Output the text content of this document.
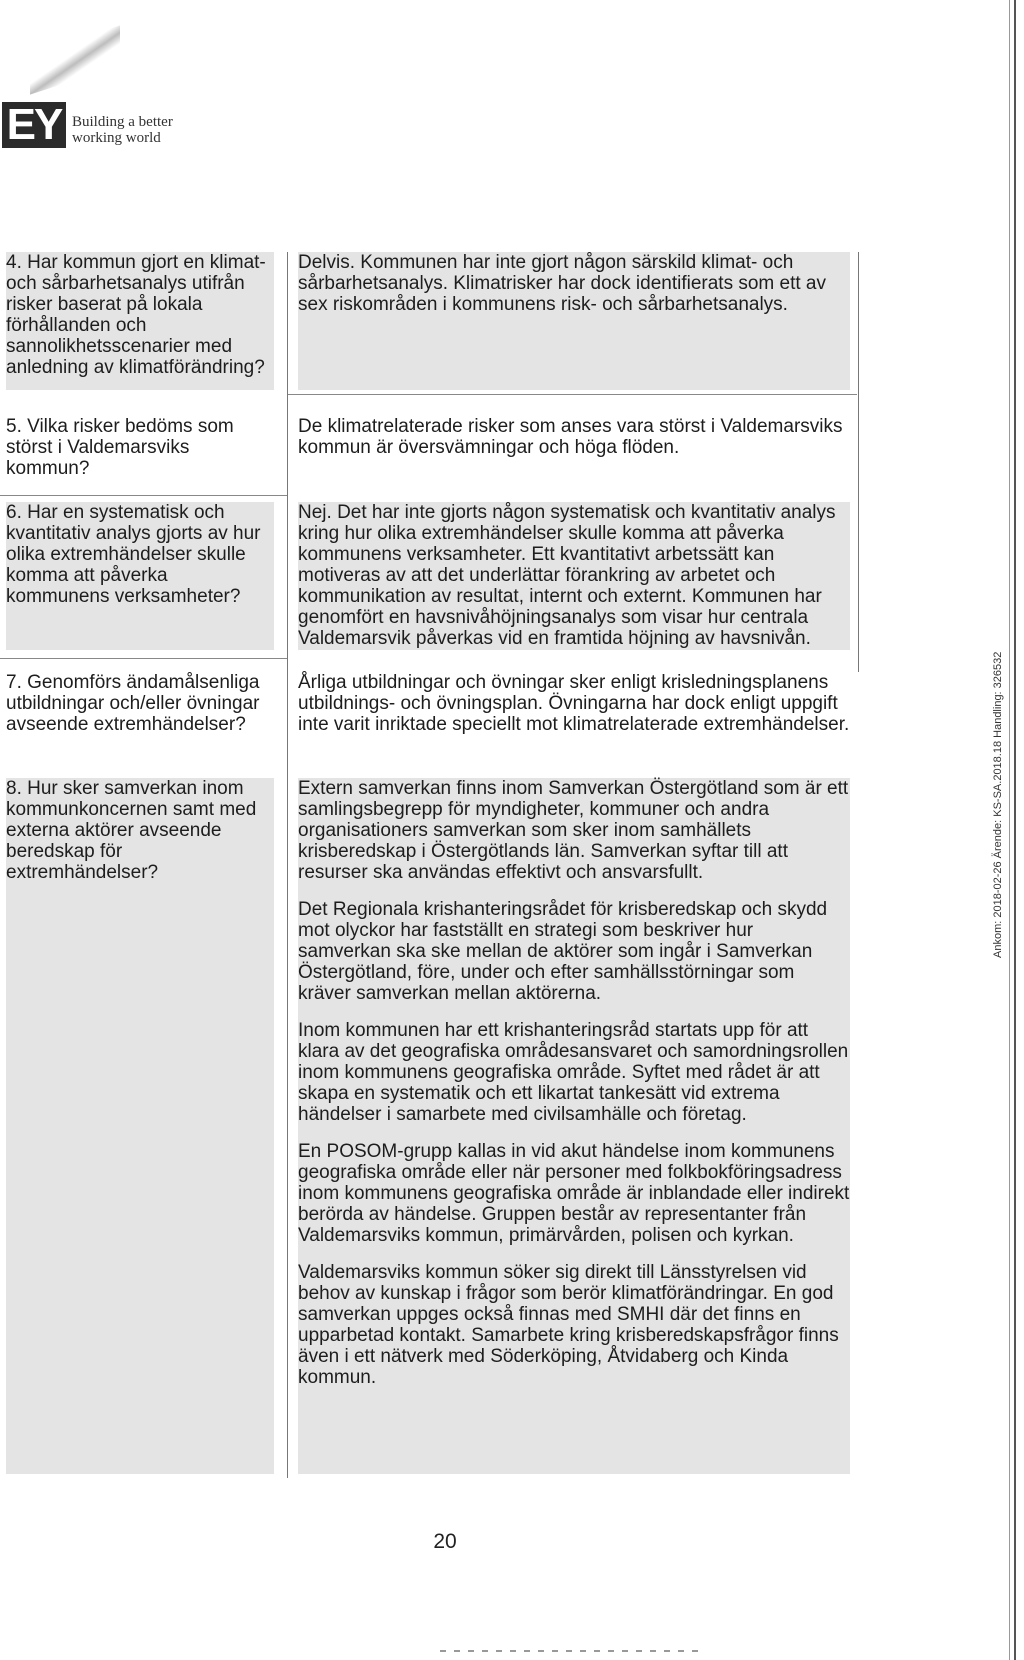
EY Building a better
working world
4. Har kommun gjort en klimat- och sårbarhetsanalys utifrån risker baserat på lokala förhållanden och sannolikhetsscenarier med anledning av klimatförändring?

Delvis. Kommunen har inte gjort någon särskild klimat- och sårbarhetsanalys. Klimatrisker har dock identifierats som ett av sex riskområden i kommunens risk- och sårbarhetsanalys.

5. Vilka risker bedöms som störst i Valdemarsviks kommun?

De klimatrelaterade risker som anses vara störst i Valdemarsviks kommun är översvämningar och höga flöden.

6. Har en systematisk och kvantitativ analys gjorts av hur olika extremhändelser skulle komma att påverka kommunens verksamheter?

Nej. Det har inte gjorts någon systematisk och kvantitativ analys kring hur olika extremhändelser skulle komma att påverka kommunens verksamheter. Ett kvantitativt arbetssätt kan motiveras av att det underlättar förankring av arbetet och kommunikation av resultat, internt och externt. Kommunen har genomfört en havsnivåhöjningsanalys som visar hur centrala Valdemarsvik påverkas vid en framtida höjning av havsnivån.

7. Genomförs ändamålsenliga utbildningar och/eller övningar avseende extremhändelser?

Årliga utbildningar och övningar sker enligt krisledningsplanens utbildnings- och övningsplan. Övningarna har dock enligt uppgift inte varit inriktade speciellt mot klimatrelaterade extremhändelser.

8. Hur sker samverkan inom kommunkoncernen samt med externa aktörer avseende beredskap för extremhändelser?

Extern samverkan finns inom Samverkan Östergötland som är ett samlingsbegrepp för myndigheter, kommuner och andra organisationers samverkan som sker inom samhällets krisberedskap i Östergötlands län. Samverkan syftar till att resurser ska användas effektivt och ansvarsfullt.

Det Regionala krishanteringsrådet för krisberedskap och skydd mot olyckor har fastställt en strategi som beskriver hur samverkan ska ske mellan de aktörer som ingår i Samverkan Östergötland, före, under och efter samhällsstörningar som kräver samverkan mellan aktörerna.

Inom kommunen har ett krishanteringsråd startats upp för att klara av det geografiska områdesansvaret och samordningsrollen inom kommunens geografiska område. Syftet med rådet är att skapa en systematik och ett likartat tankesätt vid extrema händelser i samarbete med civilsamhälle och företag.

En POSOM-grupp kallas in vid akut händelse inom kommunens geografiska område eller när personer med folkbokföringsadress inom kommunens geografiska område är inblandade eller indirekt berörda av händelse. Gruppen består av representanter från Valdemarsviks kommun, primärvården, polisen och kyrkan.

Valdemarsviks kommun söker sig direkt till Länsstyrelsen vid behov av kunskap i frågor som berör klimatförändringar. En god samverkan uppges också finnas med SMHI där det finns en upparbetad kontakt. Samarbete kring krisberedskapsfrågor finns även i ett nätverk med Söderköping, Åtvidaberg och Kinda kommun.

20
Ankom: 2018-02-26 Ärende: KS-SA.2018.18 Handling: 326532
